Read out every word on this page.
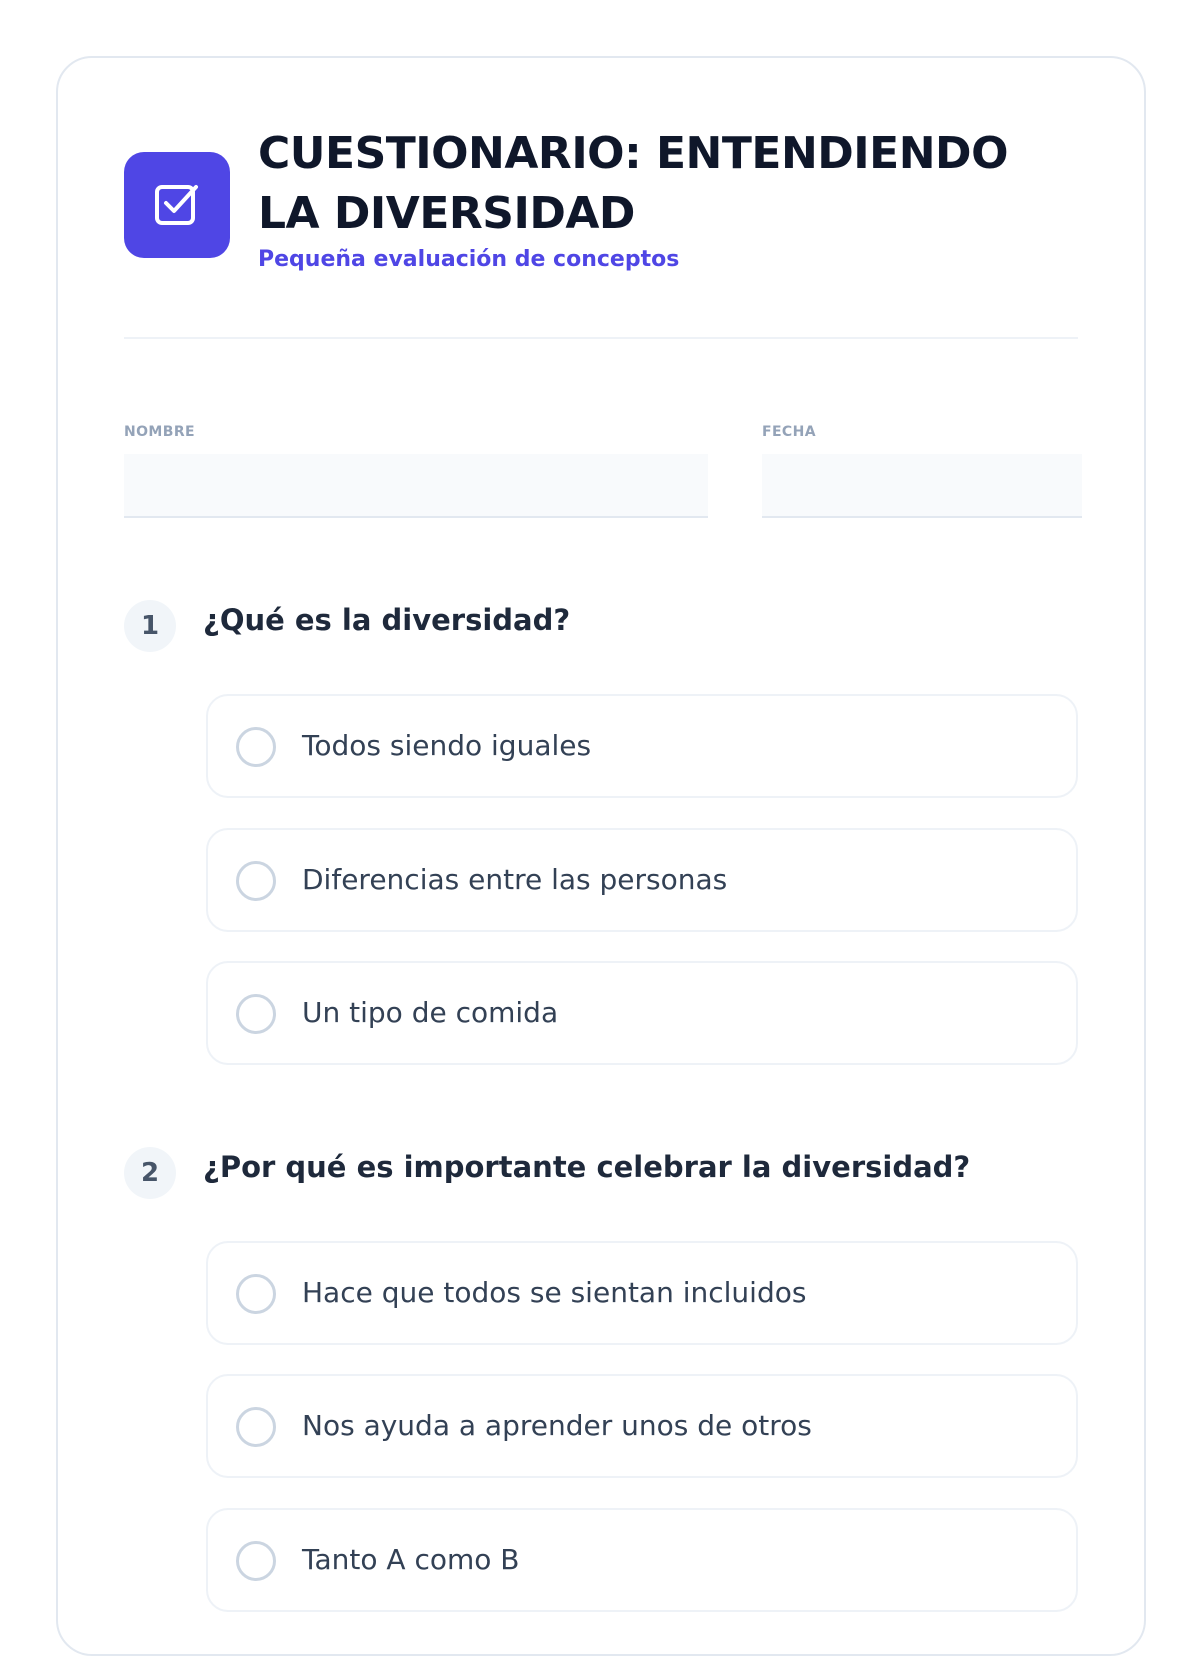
CUESTIONARIO: ENTENDIENDO LA DIVERSIDAD
Pequeña evaluación de conceptos
NOMBRE	FECHA
1	¿Qué es la diversidad?
Todos siendo iguales
Diferencias entre las personas
Un tipo de comida
2	¿Por qué es importante celebrar la diversidad?
Hace que todos se sientan incluidos
Nos ayuda a aprender unos de otros
Tanto A como B
